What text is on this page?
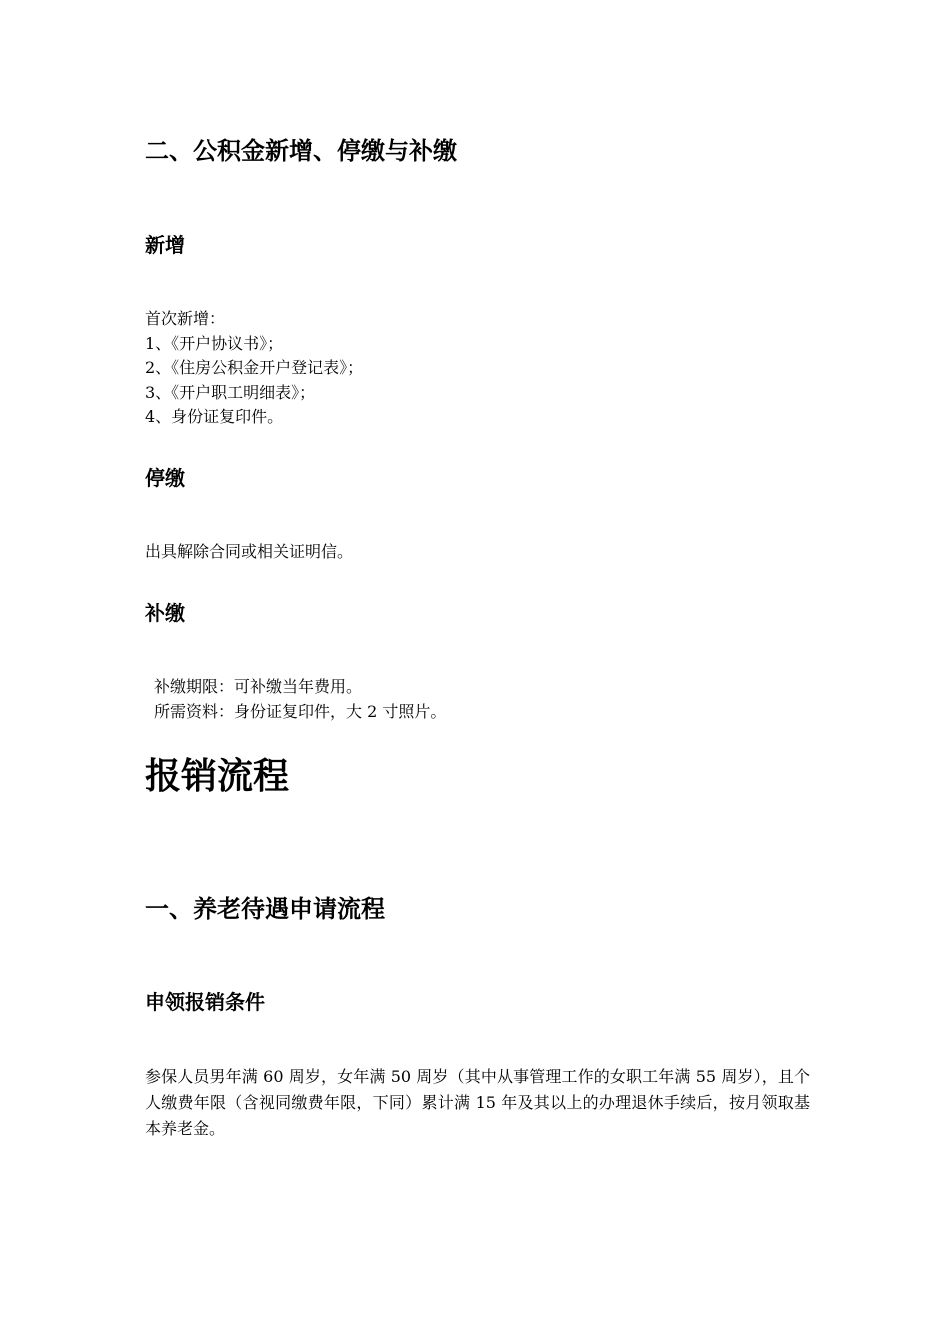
二、公积金新增、停缴与补缴
新增
首次新增：
1、《开户协议书》；
2、《住房公积金开户登记表》；
3、《开户职工明细表》；
4、身份证复印件。
停缴
出具解除合同或相关证明信。
补缴
补缴期限：可补缴当年费用。
所需资料：身份证复印件，大 2 寸照片。
报销流程
一、养老待遇申请流程
申领报销条件
参保人员男年满 60 周岁，女年满 50 周岁（其中从事管理工作的女职工年满 55 周岁），且个人缴费年限（含视同缴费年限，下同）累计满 15 年及其以上的办理退休手续后，按月领取基本养老金。
